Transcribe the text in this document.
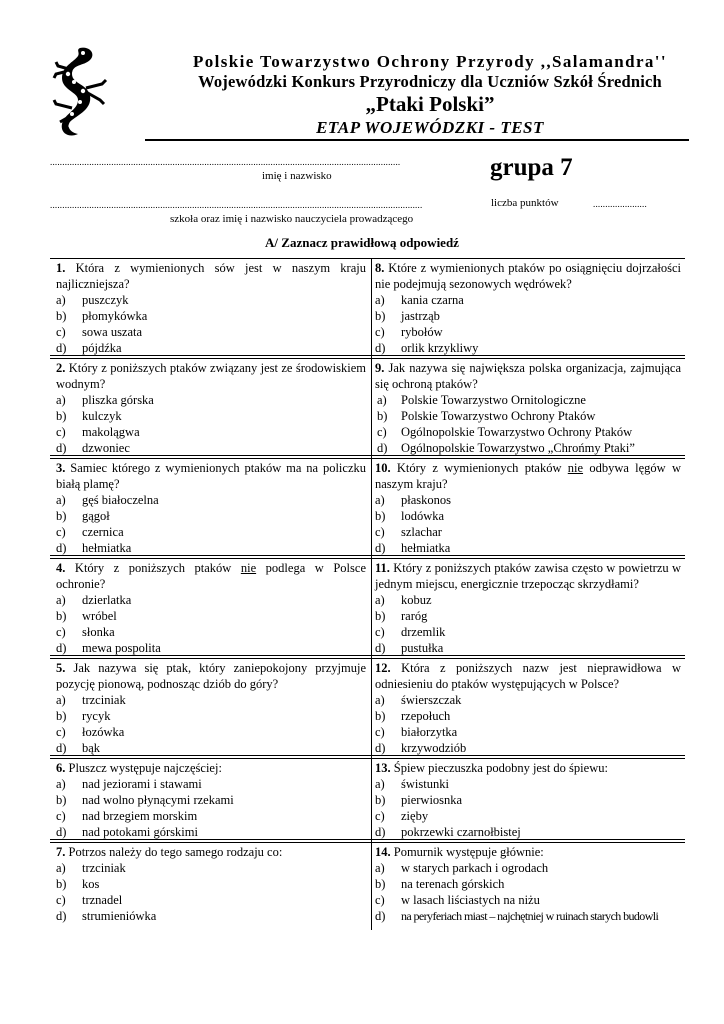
Polskie Towarzystwo Ochrony Przyrody ,,Salamandra''
Wojewódzki Konkurs Przyrodniczy dla Uczniów Szkół Średnich
„Ptaki Polski”
ETAP WOJEWÓDZKI - TEST
...............................................................................................................................................
imię i nazwisko	grupa 7
........................................................................................................................................................
szkoła oraz imię i nazwisko nauczyciela prowadzącego
liczba punktów	......................
A/ Zaznacz prawidłową odpowiedź
1. Która z wymienionych sów jest w naszym kraju najliczniejsza?
a) puszczyk
b) płomykówka
c) sowa uszata
d) pójdźka
2. Który z poniższych ptaków związany jest ze środowiskiem wodnym?
a) pliszka górska
b) kulczyk
c) makolągwa
d) dzwoniec
3. Samiec którego z wymienionych ptaków ma na policzku białą plamę?
a) gęś białoczelna
b) gągoł
c) czernica
d) hełmiatka
4. Który z poniższych ptaków nie podlega w Polsce ochronie?
a) dzierlatka
b) wróbel
c) słonka
d) mewa pospolita
5. Jak nazywa się ptak, który zaniepokojony przyjmuje pozycję pionową, podnosząc dziób do góry?
a) trzciniak
b) rycyk
c) łozówka
d) bąk
6. Pluszcz występuje najczęściej:
a) nad jeziorami i stawami
b) nad wolno płynącymi rzekami
c) nad brzegiem morskim
d) nad potokami górskimi
7. Potrzos należy do tego samego rodzaju co:
a) trzciniak
b) kos
c) trznadel
d) strumieniówka
8. Które z wymienionych ptaków po osiągnięciu dojrzałości nie podejmują sezonowych wędrówek?
a) kania czarna
b) jastrząb
c) rybołów
d) orlik krzykliwy
9. Jak nazywa się największa polska organizacja, zajmująca się ochroną ptaków?
a) Polskie Towarzystwo Ornitologiczne
b) Polskie Towarzystwo Ochrony Ptaków
c) Ogólnopolskie Towarzystwo Ochrony Ptaków
d) Ogólnopolskie Towarzystwo „Chrońmy Ptaki”
10. Który z wymienionych ptaków nie odbywa lęgów w naszym kraju?
a) płaskonos
b) lodówka
c) szlachar
d) hełmiatka
11. Który z poniższych ptaków zawisa często w powietrzu w jednym miejscu, energicznie trzepocząc skrzydłami?
a) kobuz
b) raróg
c) drzemlik
d) pustułka
12. Która z poniższych nazw jest nieprawidłowa w odniesieniu do ptaków występujących w Polsce?
a) świerszczak
b) rzepołuch
c) białorzytka
d) krzywodziób
13. Śpiew pieczuszka podobny jest do śpiewu:
a) świstunki
b) pierwiosnka
c) zięby
d) pokrzewki czarnołbistej
14. Pomurnik występuje głównie:
a) w starych parkach i ogrodach
b) na terenach górskich
c) w lasach liściastych na niżu
d) na peryferiach miast – najchętniej w ruinach starych budowli
